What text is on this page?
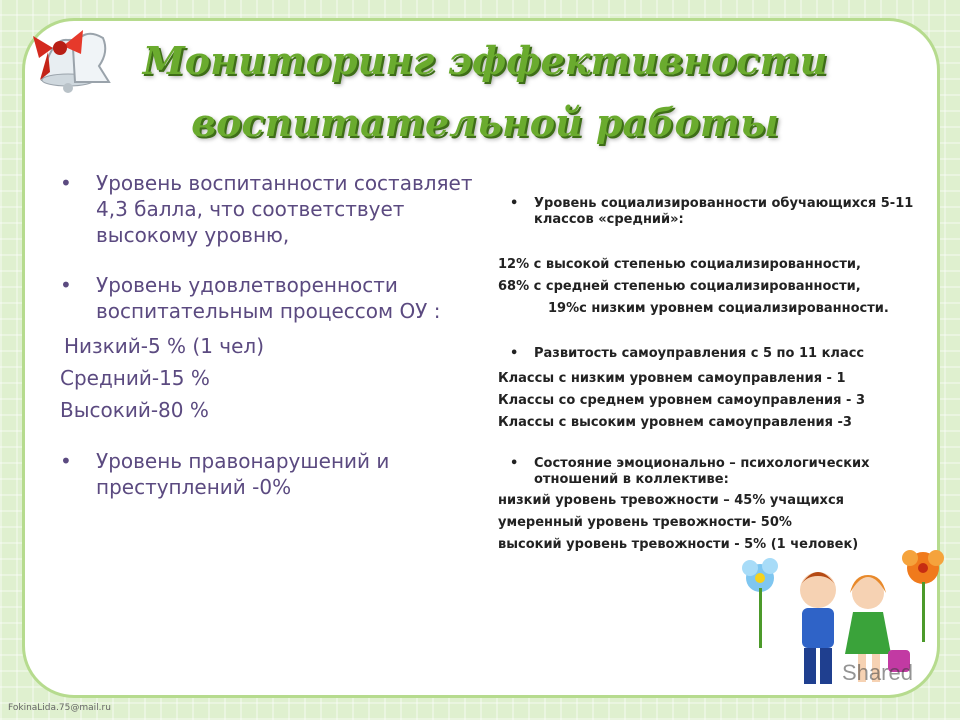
Мониторинг эффективности
воспитательной работы
• Уровень воспитанности составляет 4,3 балла, что соответствует высокому уровню,
• Уровень удовлетворенности воспитательным процессом ОУ :
Низкий-5 % (1 чел)
Средний-15 %
Высокий-80 %
• Уровень правонарушений и преступлений -0%
• Уровень социализированности обучающихся 5-11 классов «средний»:
12% с высокой степенью социализированности,
68% с средней степенью социализированности,
19%с низким уровнем социализированности.
• Развитость самоуправления с 5 по 11 класс
Классы с низким уровнем самоуправления - 1
Классы со среднем уровнем самоуправления - 3
Классы с высоким уровнем самоуправления -3
• Состояние эмоционально – психологических отношений в коллективе:
низкий уровень тревожности – 45% учащихся
умеренный уровень тревожности- 50%
высокий уровень тревожности - 5% (1 человек)
Shared
FokinaLida.75@mail.ru
